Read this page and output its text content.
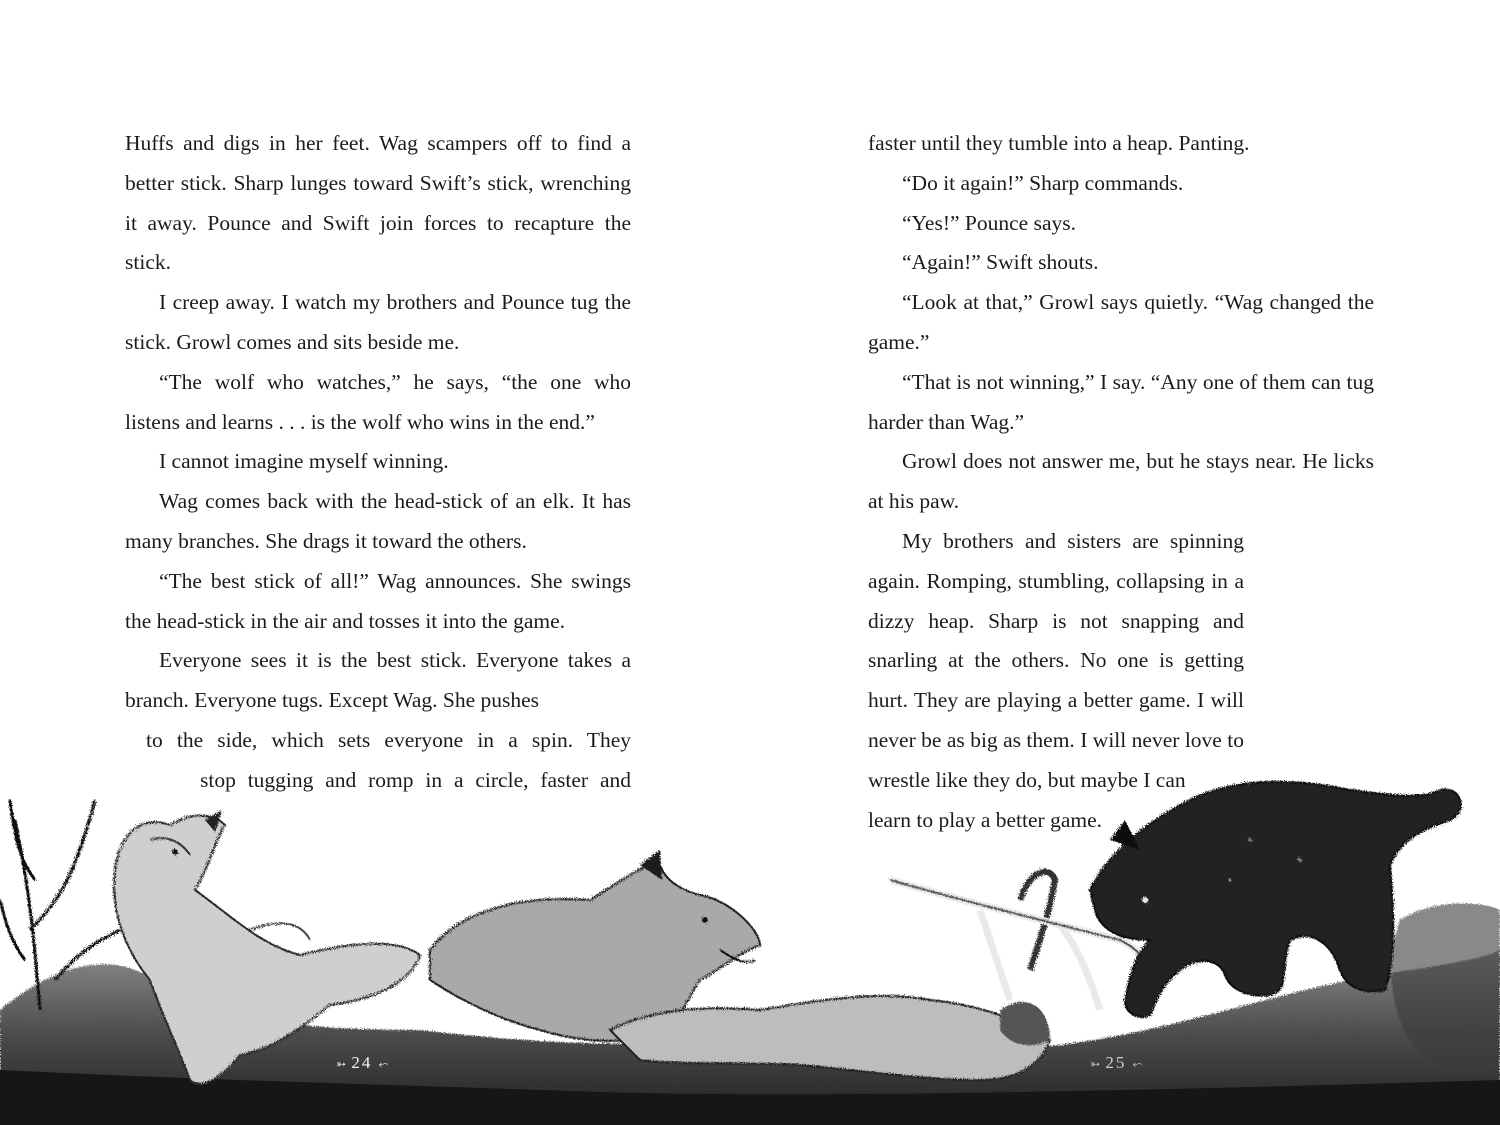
Huffs and digs in her feet. Wag scampers off to find a better stick. Sharp lunges toward Swift’s stick, wrenching it away. Pounce and Swift join forces to recapture the stick.

I creep away. I watch my brothers and Pounce tug the stick. Growl comes and sits beside me.

“The wolf who watches,” he says, “the one who listens and learns . . . is the wolf who wins in the end.”

I cannot imagine myself winning.

Wag comes back with the head-stick of an elk. It has many branches. She drags it toward the others.

“The best stick of all!” Wag announces. She swings the head-stick in the air and tosses it into the game.

Everyone sees it is the best stick. Everyone takes a branch. Everyone tugs. Except Wag. She pushes

to the side, which sets everyone in a spin. They

stop tugging and romp in a circle, faster and

faster until they tumble into a heap. Panting.

“Do it again!” Sharp commands.

“Yes!” Pounce says.

“Again!” Swift shouts.

“Look at that,” Growl says quietly. “Wag changed the game.”

“That is not winning,” I say. “Any one of them can tug harder than Wag.”

Growl does not answer me, but he stays near. He licks at his paw.

My brothers and sisters are spinning again. Romping, stumbling, collapsing in a dizzy heap. Sharp is not snapping and snarling at the others. No one is getting hurt. They are playing a better game. I will never be as big as them. I will never love to wrestle like they do, but maybe I can

learn to play a better game.

➳ 24 ⬿	➳ 25 ⬿
